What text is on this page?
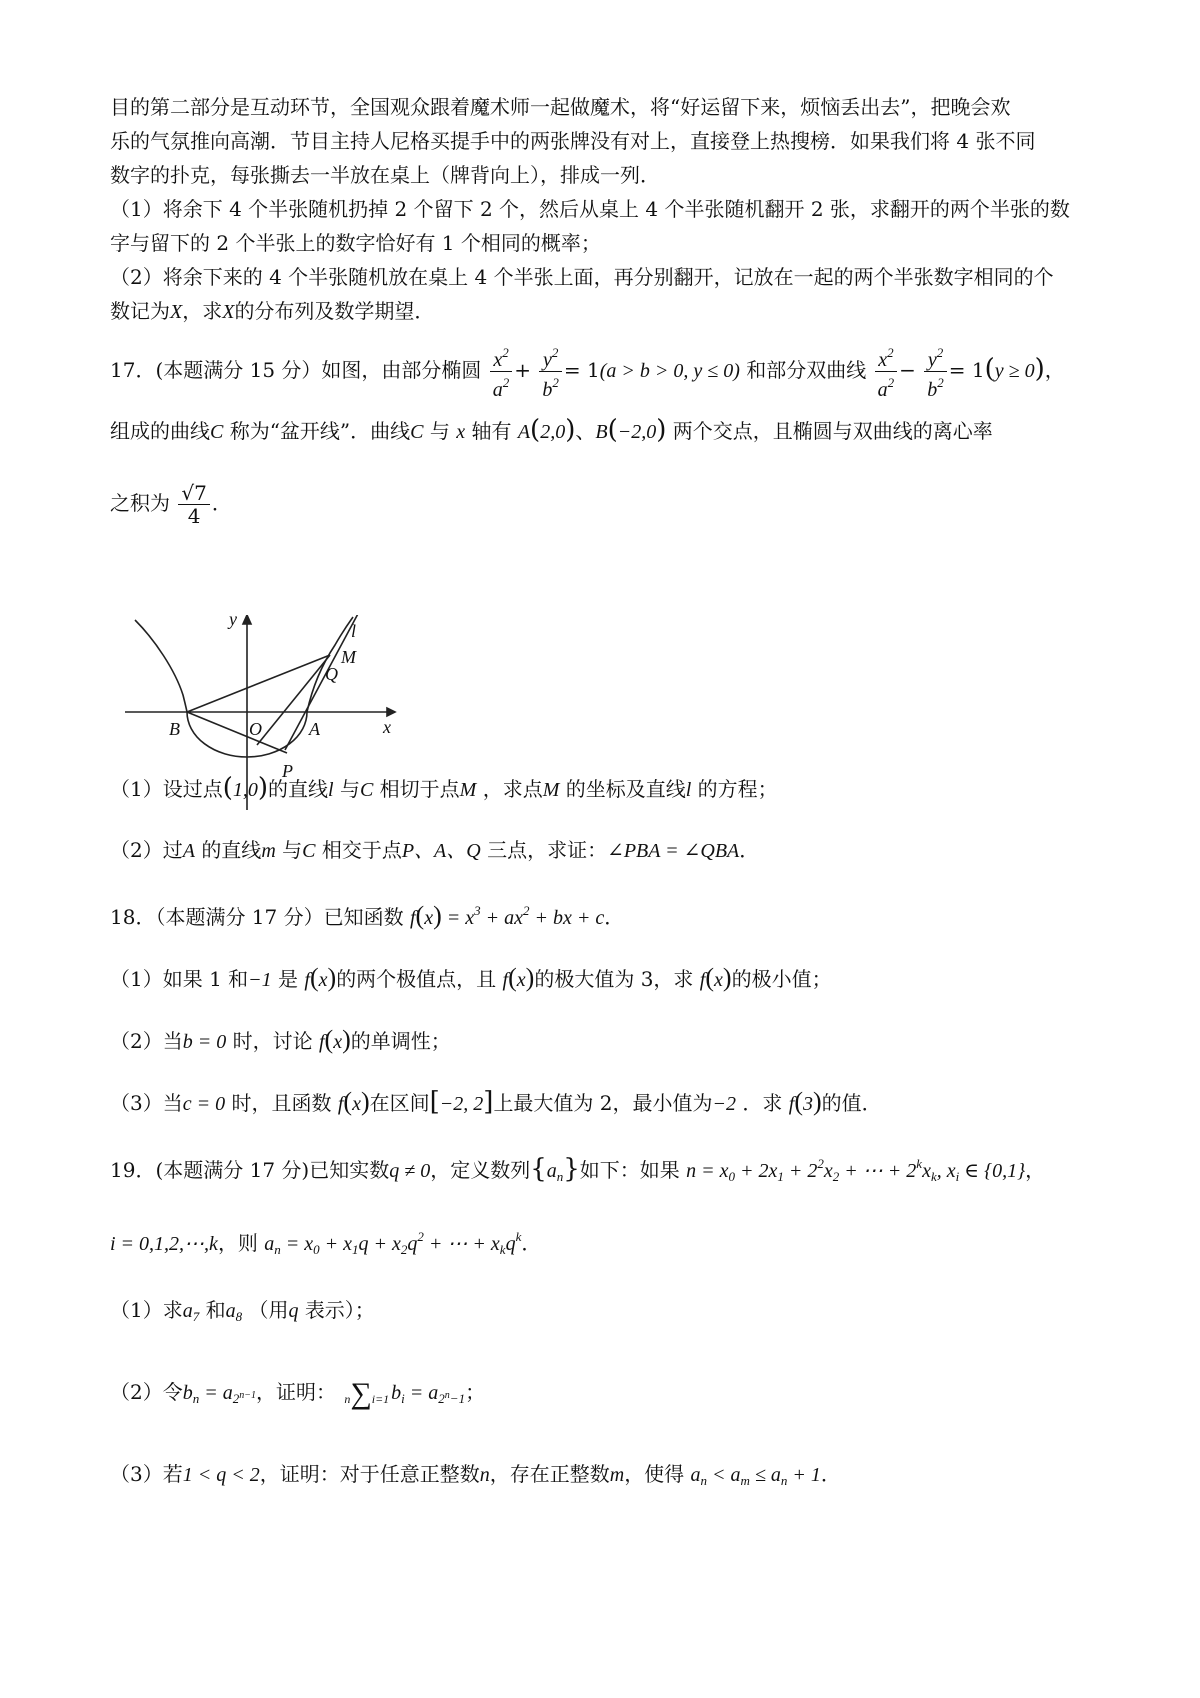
目的第二部分是互动环节，全国观众跟着魔术师一起做魔术，将“好运留下来，烦恼丢出去”，把晚会欢
乐的气氛推向高潮．节目主持人尼格买提手中的两张牌没有对上，直接登上热搜榜．如果我们将 4 张不同
数字的扑克，每张撕去一半放在桌上（牌背向上），排成一列．
（1）将余下 4 个半张随机扔掉 2 个留下 2 个，然后从桌上 4 个半张随机翻开 2 张，求翻开的两个半张的数
字与留下的 2 个半张上的数字恰好有 1 个相同的概率；
（2）将余下来的 4 个半张随机放在桌上 4 个半张上面，再分别翻开，记放在一起的两个半张数字相同的个
数记为X，求X的分布列及数学期望．
17．(本题满分 15 分）如图，由部分椭圆 $\frac{x^2}{a^2} + \frac{y^2}{b^2} = 1(a > b > 0$, y ≤ 0) 和部分双曲线 $\frac{x^2}{a^2} - \frac{y^2}{b^2} = 1(y \ge 0)$，
组成的曲线C 称为“盆开线”．曲线C 与 x 轴有 A(2,0)、B(−2,0) 两个交点，且椭圆与双曲线的离心率
之积为 $\frac{√7}{4}$ ．
（1）设过点(1,0)的直线l 与C 相切于点M ，求点M 的坐标及直线l 的方程；
（2）过A 的直线m 与C 相交于点P、A、Q 三点，求证：∠PBA = ∠QBA．
18．（本题满分 17 分）已知函数 $f(x) = x^3 + ax^2$ + bx + c．
（1）如果 1 和−1 是 f(x)的两个极值点，且 f(x)的极大值为 3，求 f(x)的极小值；
（2）当b = 0 时，讨论 f(x)的单调性；
（3）当c = 0 时，且函数 f(x)在区间[−2, 2]上最大值为 2，最小值为−2 ．求 f(3)的值．
19．(本题满分 17 分)已知实数q ≠ 0，定义数列$\{a_n\}$如下：如果 $n = x_0 + 2x_1 + 2^2x_2$ + ⋯ + $2^kx_k$, $x_i$ ∈ {0,1}，
i = 0,1,2,⋯,k，则 $a_n = x_0 + x_1q + x_2q^2$ + ⋯ + $x_kq^k$．
（1）求$a_7$ 和$a_8$ （用q 表示）；
（2）令$b_n = a_{2^{n-1}}$，证明： n∑i=1 $b_i = a_{2^n-1}$；
（3）若1 < q < 2，证明：对于任意正整数n，存在正整数m，使得 $a_n < a_m \le a_n + 1$．
y
x
l
M
Q
B	O	A
P
